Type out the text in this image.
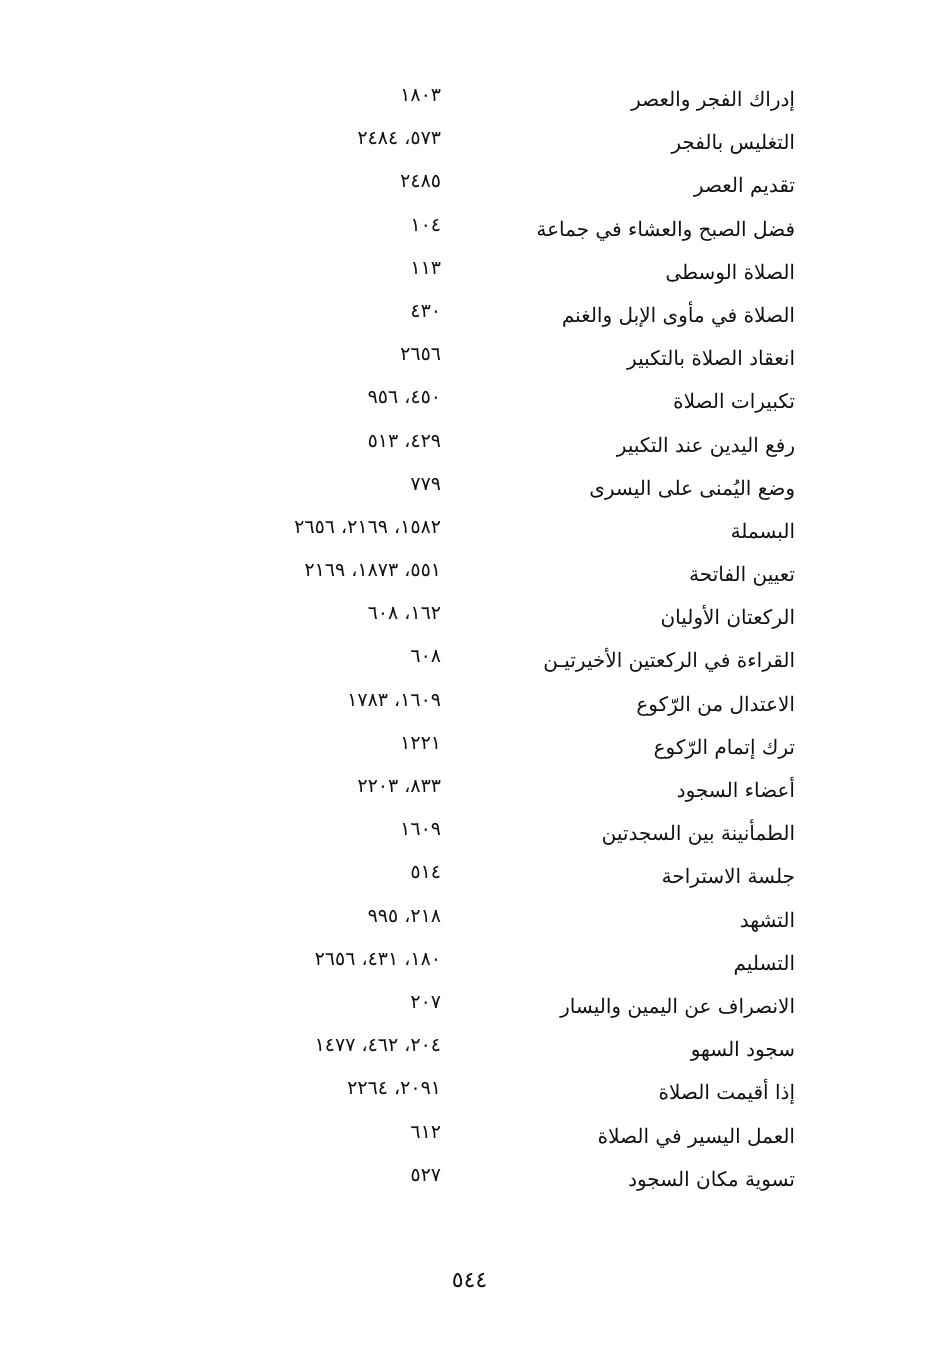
إدراك الفجر والعصر
١٨٠٣
التغليس بالفجر
٥٧٣، ٢٤٨٤
تقديم العصر
٢٤٨٥
فضل الصبح والعشاء في جماعة
١٠٤
الصلاة الوسطى
١١٣
الصلاة في مأوى الإبل والغنم
٤٣٠
انعقاد الصلاة بالتكبير
٢٦٥٦
تكبيرات الصلاة
٤٥٠، ٩٥٦
رفع اليدين عند التكبير
٤٢٩، ٥١٣
وضع اليُمنى على اليسرى
٧٧٩
البسملة
١٥٨٢، ٢١٦٩، ٢٦٥٦
تعيين الفاتحة
٥٥١، ١٨٧٣، ٢١٦٩
الركعتان الأوليان
١٦٢، ٦٠٨
القراءة في الركعتين الأخيرتيـن
٦٠٨
الاعتدال من الرّكوع
١٦٠٩، ١٧٨٣
ترك إتمام الرّكوع
١٢٢١
أعضاء السجود
٨٣٣، ٢٢٠٣
الطمأنينة بين السجدتين
١٦٠٩
جلسة الاستراحة
٥١٤
التشهد
٢١٨، ٩٩٥
التسليم
١٨٠، ٤٣١، ٢٦٥٦
الانصراف عن اليمين واليسار
٢٠٧
سجود السهو
٢٠٤، ٤٦٢، ١٤٧٧
إذا أقيمت الصلاة
٢٠٩١، ٢٢٦٤
العمل اليسير في الصلاة
٦١٢
تسوية مكان السجود
٥٢٧
٥٤٤
